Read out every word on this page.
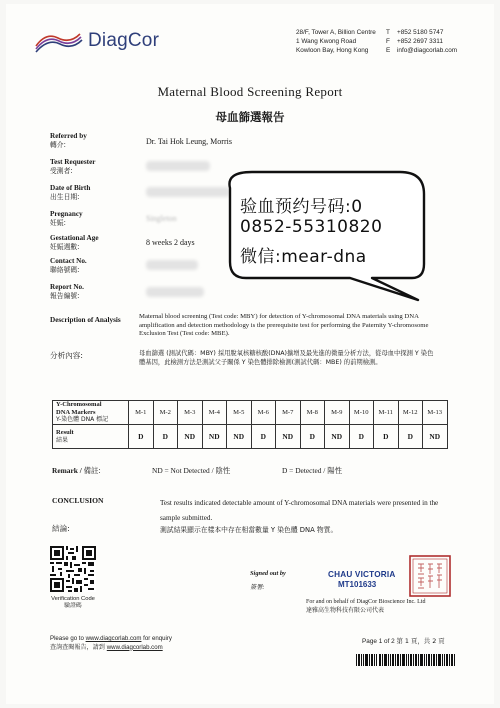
DiagCor	28/F, Tower A, Billion Centre
1 Wang Kwong Road
Kowloon Bay, Hong Kong
T +852 5180 5747
F +852 2697 3311
E info@diagcorlab.com
Maternal Blood Screening Report
母血篩選報告
Referred by
轉介:	Dr. Tai Hok Leung, Morris
Test Requester
受測者:
Date of Birth
出生日期:
Pregnancy
妊娠:	Singleton
Gestational Age
妊娠週數:	8 weeks 2 days
Contact No.
聯絡號碼:
Report No.
報告編號:
验血预约号码:0
0852-55310820
微信:mear-dna
Description of Analysis	Maternal blood screening (Test code: MBY) for detection of Y-chromosomal DNA materials using DNA amplification and detection methodology is the prerequisite test for performing the Paternity Y-chromosome Exclusion Test (Test code: MBE).
分析內容:	母血篩選 (測試代碼：MBY) 採用脫氧核糖核酸(DNA)擴增及最先進的微量分析方法，從母血中探測 Y 染色體基因，此檢測方法是測試父子關係 Y 染色體排除檢測(測試代碼：MBE) 的前期檢測。
Y-Chromosomal
DNA Markers
Y-染色體 DNA 標記	M-1	M-2	M-3	M-4	M-5	M-6	M-7	M-8	M-9	M-10	M-11	M-12	M-13

Result
結果	D	D	ND	ND	ND	D	ND	D	ND	D	D	D	ND
Remark / 備註:	ND = Not Detected / 陰性	D = Detected / 陽性
CONCLUSION	Test results indicated detectable amount of Y-chromosomal DNA materials were presented in the sample submitted.
結論:	測試結果顯示在樣本中存在相當數量 Y 染色體 DNA 物質。
Verification Code
驗證碼
Signed out by
簽署:
CHAU VICTORIA
MT101633
For and on behalf of DiagCor Bioscience Inc. Ltd
達雅高生物科技有限公司代表
Please go to www.diagcorlab.com for enquiry
查詢查閱報告，請到 www.diagcorlab.com
Page 1 of 2 第 1 頁，共 2 頁
